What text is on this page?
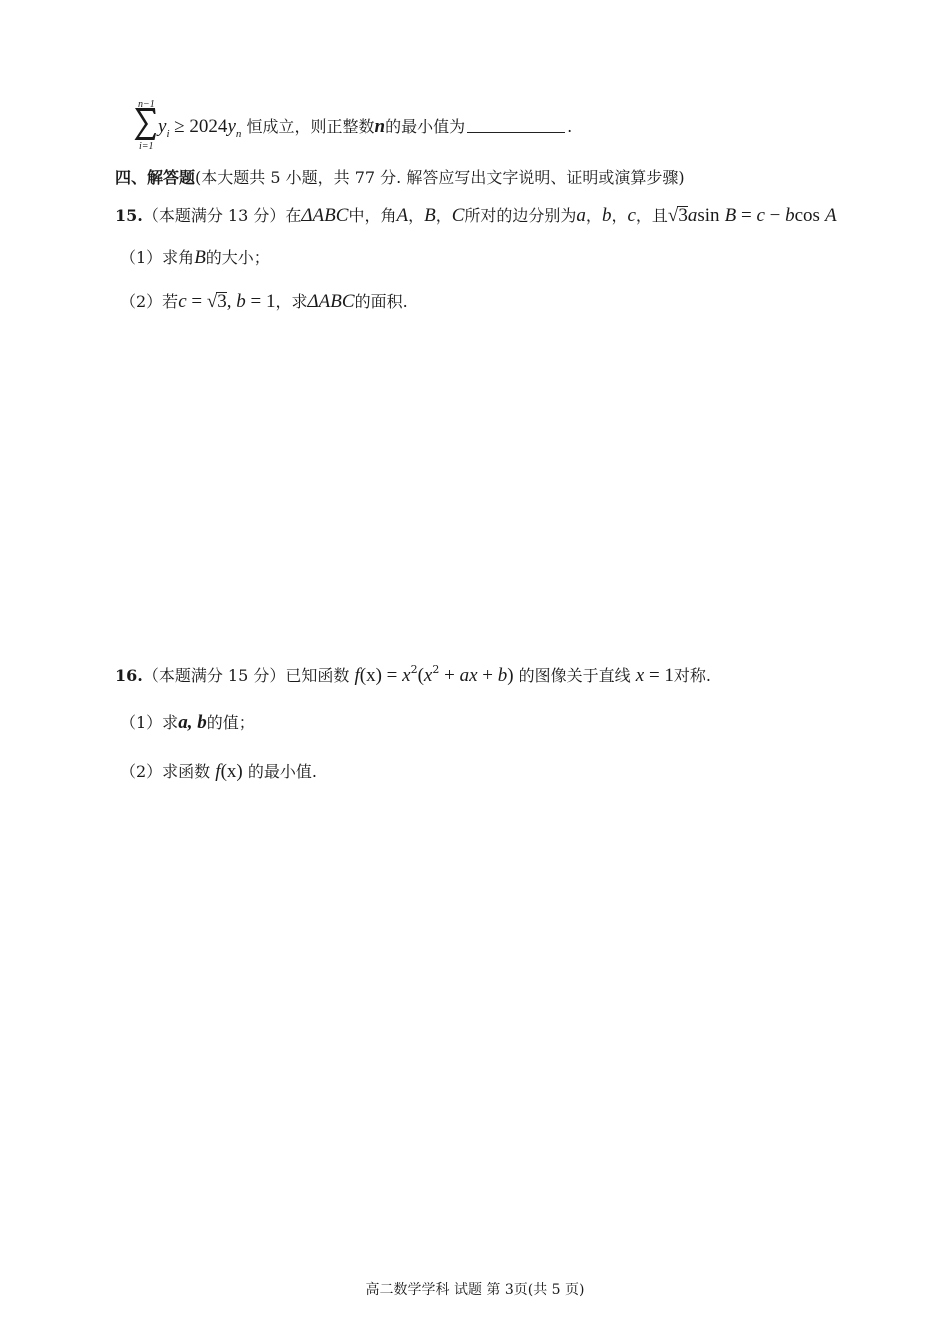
n−1
i=1
$y_i \ge 2024y_n$ 恒成立，则正整数n的最小值为	.
四、解答题(本大题共 5 小题，共 77 分. 解答应写出文字说明、证明或演算步骤)
15.（本题满分 13 分）在ΔABC中，角A，B，C所对的边分别为a，b，c，且√3asin B = c − bcos A
（1）求角B的大小；
（2）若c = √3, b = 1，求ΔABC的面积.
16.（本题满分 15 分）已知函数 $f(x) = x^2(x^2$ + ax + b) 的图像关于直线 x = 1对称.
（1）求a, b的值；
（2）求函数 f(x) 的最小值.
高二数学学科 试题 第 3页(共 5 页)
